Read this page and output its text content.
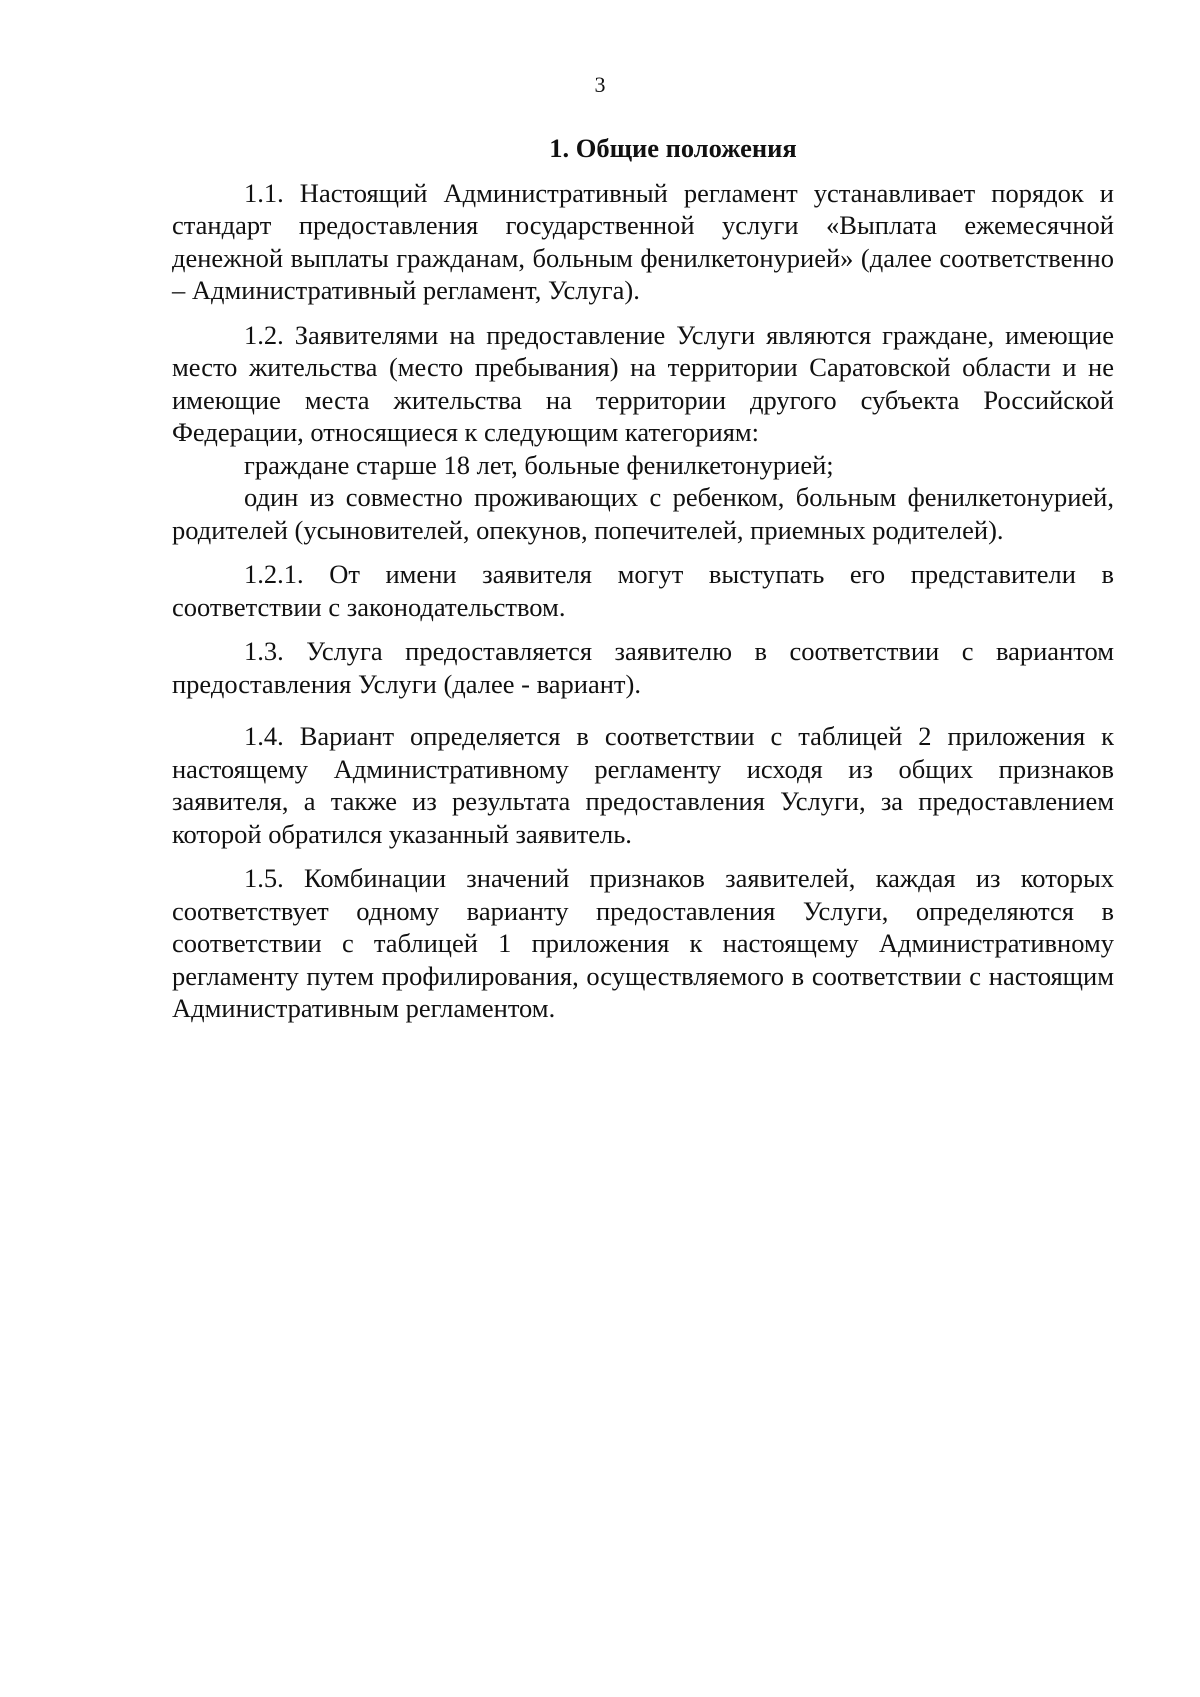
3
1. Общие положения

1.1. Настоящий Административный регламент устанавливает порядок и стандарт предоставления государственной услуги «Выплата ежемесячной денежной выплаты гражданам, больным фенилкетонурией» (далее соответственно – Административный регламент, Услуга).

1.2. Заявителями на предоставление Услуги являются граждане, имеющие место жительства (место пребывания) на территории Саратовской области и не имеющие места жительства на территории другого субъекта Российской Федерации, относящиеся к следующим категориям:

граждане старше 18 лет, больные фенилкетонурией;

один из совместно проживающих с ребенком, больным фенилкетонурией, родителей (усыновителей, опекунов, попечителей, приемных родителей).

1.2.1. От имени заявителя могут выступать его представители в соответствии с законодательством.

1.3. Услуга предоставляется заявителю в соответствии с вариантом предоставления Услуги (далее - вариант).

1.4. Вариант определяется в соответствии с таблицей 2 приложения к настоящему Административному регламенту исходя из общих признаков заявителя, а также из результата предоставления Услуги, за предоставлением которой обратился указанный заявитель.

1.5. Комбинации значений признаков заявителей, каждая из которых соответствует одному варианту предоставления Услуги, определяются в соответствии с таблицей 1 приложения к настоящему Административному регламенту путем профилирования, осуществляемого в соответствии с настоящим Административным регламентом.
